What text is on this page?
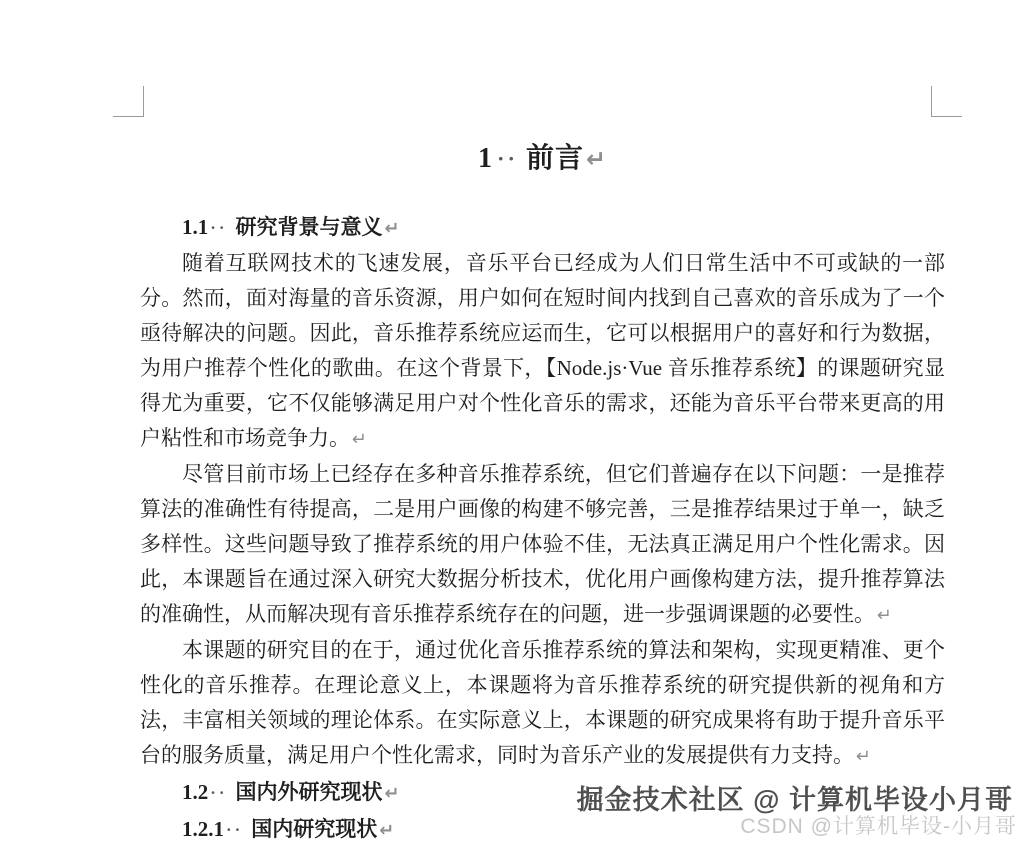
1 ·· 前言↵
1.1 ·· 研究背景与意义 ↵

随着互联网技术的飞速发展，音乐平台已经成为人们日常生活中不可或缺的一部分。然而，面对海量的音乐资源，用户如何在短时间内找到自己喜欢的音乐成为了一个亟待解决的问题。因此，音乐推荐系统应运而生，它可以根据用户的喜好和行为数据，为用户推荐个性化的歌曲。在这个背景下，【Node.js·Vue 音乐推荐系统】的课题研究显得尤为重要，它不仅能够满足用户对个性化音乐的需求，还能为音乐平台带来更高的用户粘性和市场竞争力。 ↵

尽管目前市场上已经存在多种音乐推荐系统，但它们普遍存在以下问题：一是推荐算法的准确性有待提高，二是用户画像的构建不够完善，三是推荐结果过于单一，缺乏多样性。这些问题导致了推荐系统的用户体验不佳，无法真正满足用户个性化需求。因此，本课题旨在通过深入研究大数据分析技术，优化用户画像构建方法，提升推荐算法的准确性，从而解决现有音乐推荐系统存在的问题，进一步强调课题的必要性。 ↵

本课题的研究目的在于，通过优化音乐推荐系统的算法和架构，实现更精准、更个性化的音乐推荐。在理论意义上，本课题将为音乐推荐系统的研究提供新的视角和方法，丰富相关领域的理论体系。在实际意义上，本课题的研究成果将有助于提升音乐平台的服务质量，满足用户个性化需求，同时为音乐产业的发展提供有力支持。 ↵

1.2 ·· 国内外研究现状 ↵
1.2.1 ·· 国内研究现状 ↵
掘金技术社区 @ 计算机毕设小月哥
CSDN @计算机毕设-小月哥
